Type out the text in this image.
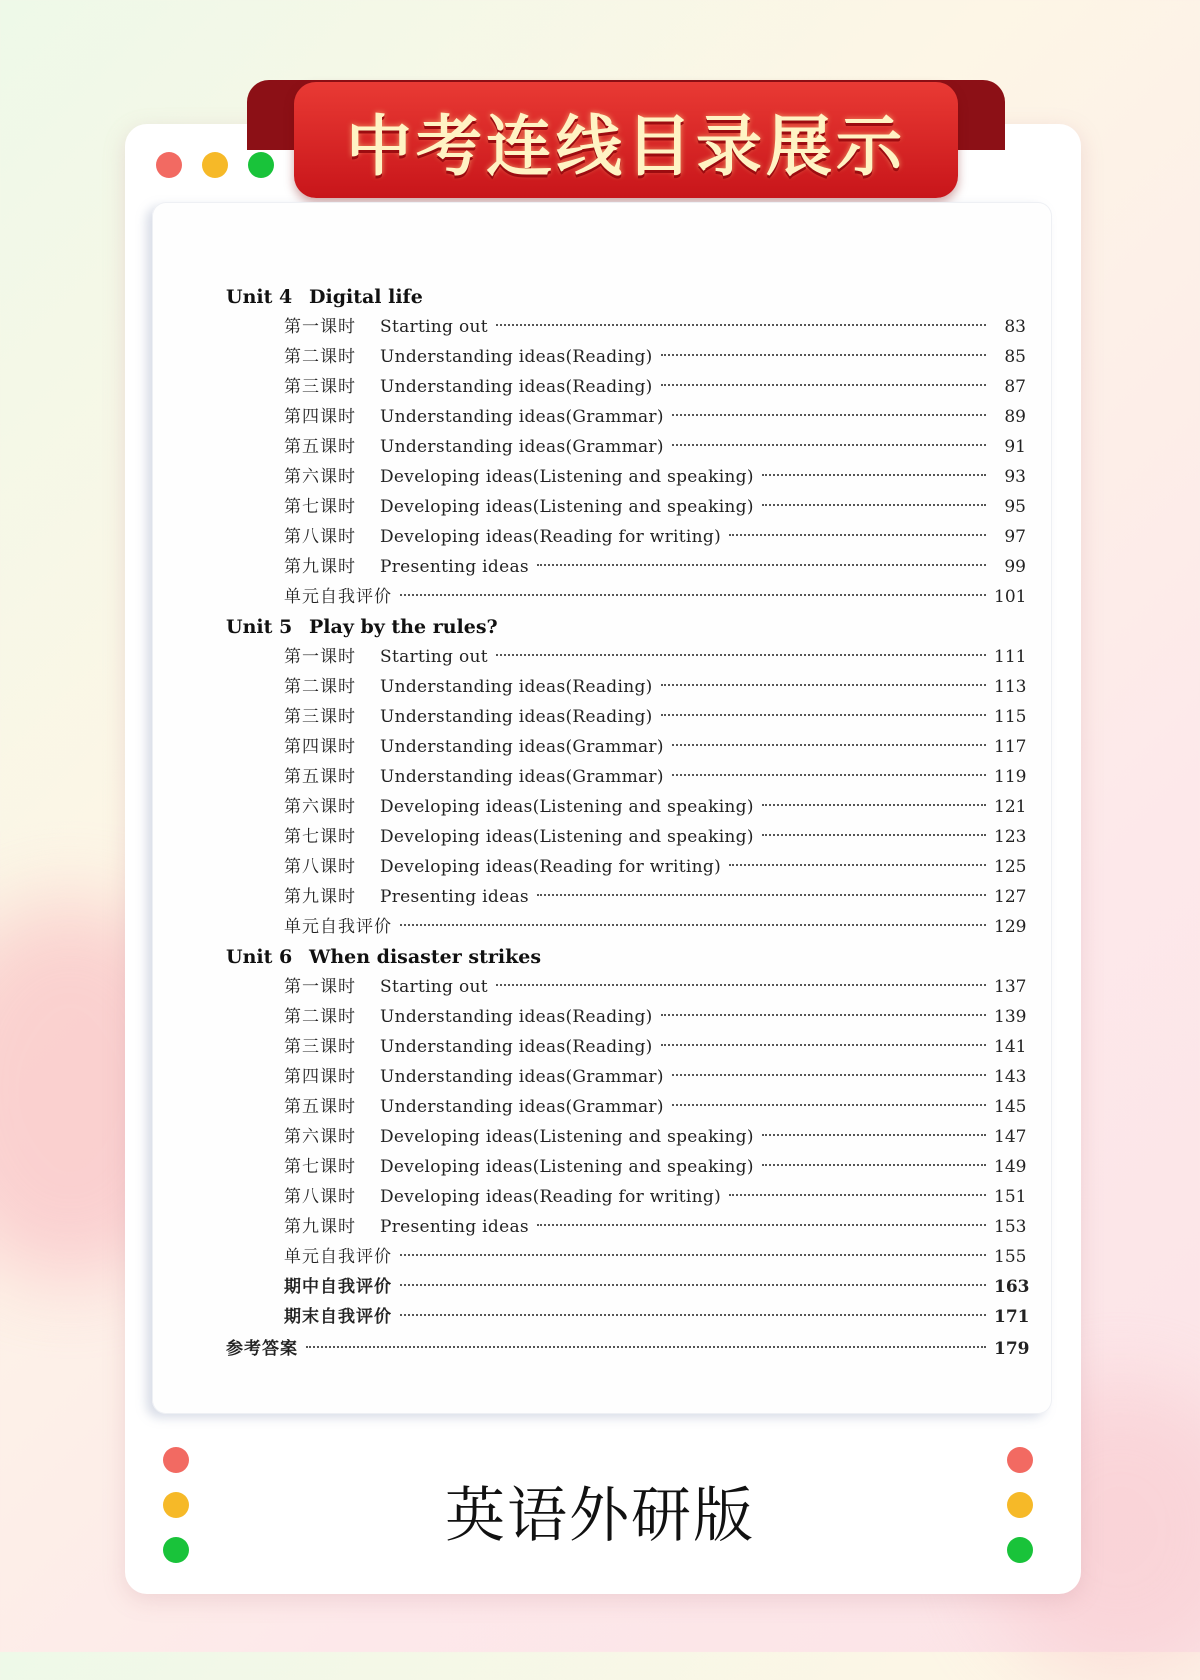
中考连线目录展示
Unit 4 Digital life
第一课时	Starting out	83
第二课时	Understanding ideas(Reading)	85
第三课时	Understanding ideas(Reading)	87
第四课时	Understanding ideas(Grammar)	89
第五课时	Understanding ideas(Grammar)	91
第六课时	Developing ideas(Listening and speaking)	93
第七课时	Developing ideas(Listening and speaking)	95
第八课时	Developing ideas(Reading for writing)	97
第九课时	Presenting ideas	99
单元自我评价	101
Unit 5 Play by the rules?
第一课时	Starting out	111
第二课时	Understanding ideas(Reading)	113
第三课时	Understanding ideas(Reading)	115
第四课时	Understanding ideas(Grammar)	117
第五课时	Understanding ideas(Grammar)	119
第六课时	Developing ideas(Listening and speaking)	121
第七课时	Developing ideas(Listening and speaking)	123
第八课时	Developing ideas(Reading for writing)	125
第九课时	Presenting ideas	127
单元自我评价	129
Unit 6 When disaster strikes
第一课时	Starting out	137
第二课时	Understanding ideas(Reading)	139
第三课时	Understanding ideas(Reading)	141
第四课时	Understanding ideas(Grammar)	143
第五课时	Understanding ideas(Grammar)	145
第六课时	Developing ideas(Listening and speaking)	147
第七课时	Developing ideas(Listening and speaking)	149
第八课时	Developing ideas(Reading for writing)	151
第九课时	Presenting ideas	153
单元自我评价	155
期中自我评价	163
期末自我评价	171
参考答案	179
英语外研版
